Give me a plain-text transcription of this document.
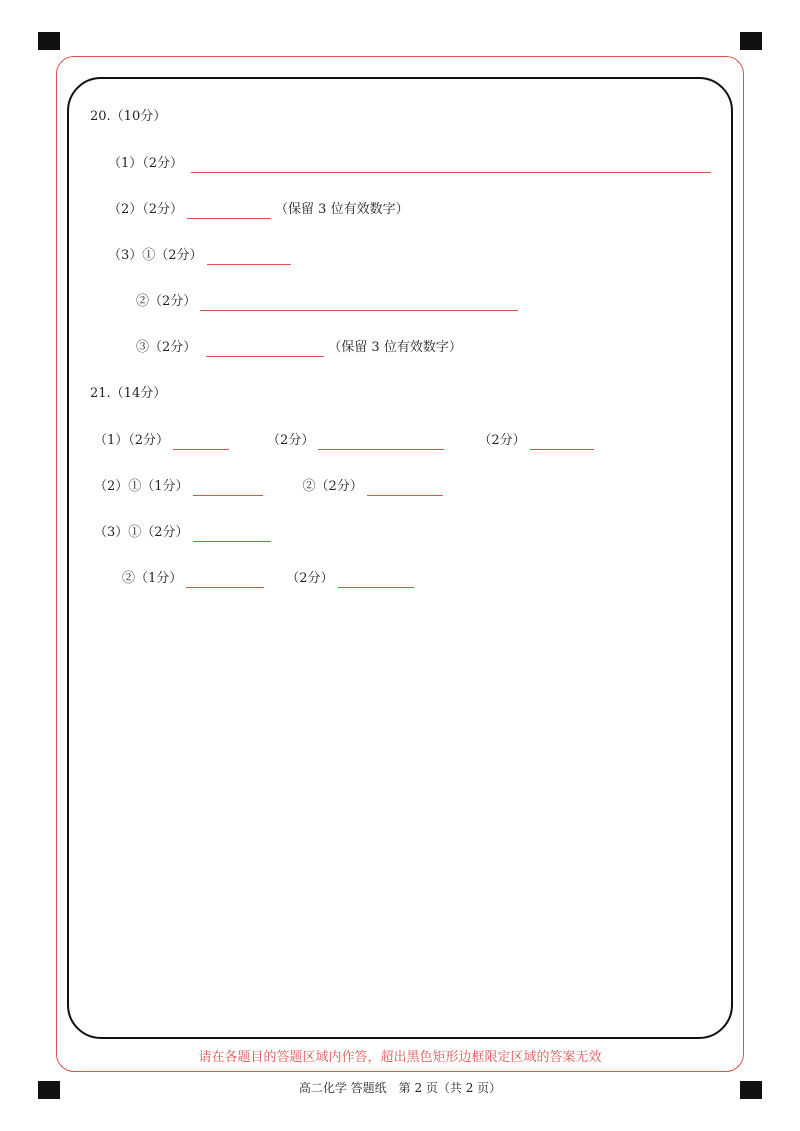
20.（10分）
（1）（2分）
（2）（2分）	（保留 3 位有效数字）
（3）①（2分）
②（2分）
③（2分）	（保留 3 位有效数字）
21.（14分）
（1）（2分）	（2分）	（2分）
（2）①（1分）	②（2分）
（3）①（2分）
②（1分）	（2分）
请在各题目的答题区域内作答，超出黑色矩形边框限定区域的答案无效
高二化学 答题纸　第 2 页（共 2 页）
